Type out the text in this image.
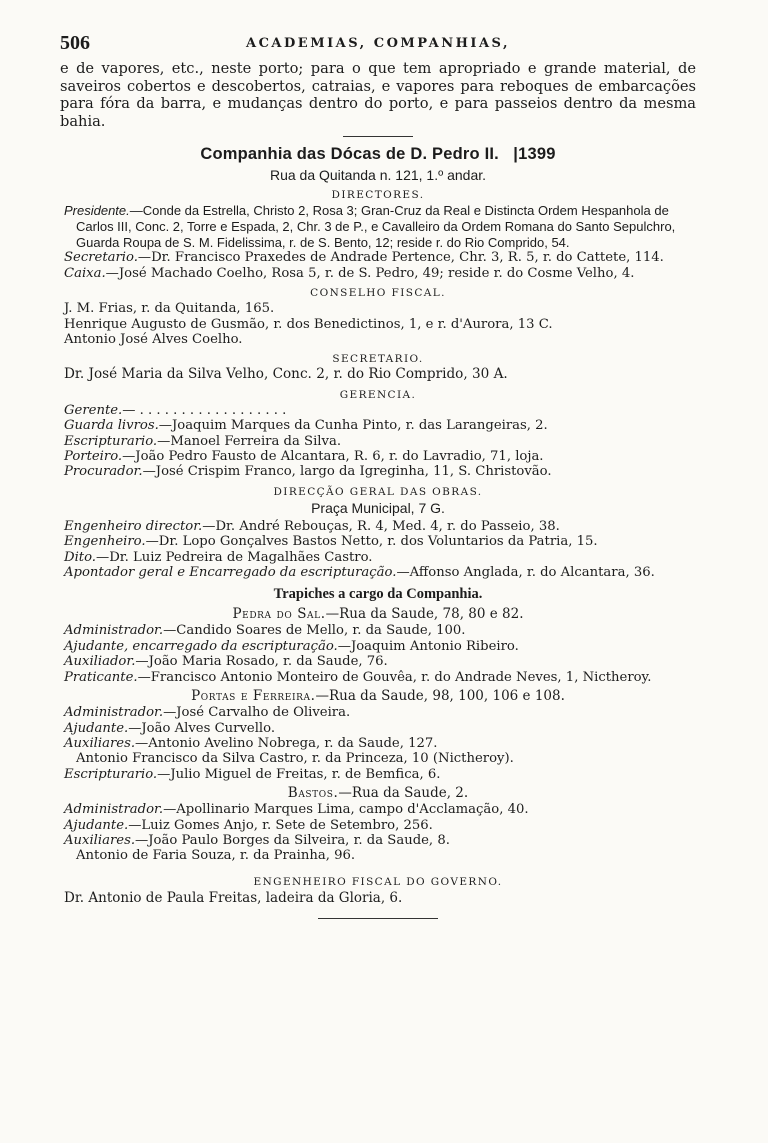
506	ACADEMIAS, COMPANHIAS,

e de vapores, etc., neste porto; para o que tem apropriado e grande material, de saveiros cobertos e descobertos, catraias, e vapores para reboques de embarcações para fóra da barra, e mudanças dentro do porto, e para passeios dentro da mesma bahia.

Companhia das Dócas de D. Pedro II.   |1399
Rua da Quitanda n. 121, 1.º andar.
DIRECTORES.

Presidente.—Conde da Estrella, Christo 2, Rosa 3; Gran-Cruz da Real e Distincta Ordem Hespanhola de Carlos III, Conc. 2, Torre e Espada, 2, Chr. 3 de P., e Cavalleiro da Ordem Romana do Santo Sepulchro, Guarda Roupa de S. M. Fidelissima, r. de S. Bento, 12; reside r. do Rio Comprido, 54.

Secretario.—Dr. Francisco Praxedes de Andrade Pertence, Chr. 3, R. 5, r. do Cattete, 114.

Caixa.—José Machado Coelho, Rosa 5, r. de S. Pedro, 49; reside r. do Cosme Velho, 4.

CONSELHO FISCAL.

J. M. Frias, r. da Quitanda, 165.

Henrique Augusto de Gusmão, r. dos Benedictinos, 1, e r. d'Aurora, 13 C.

Antonio José Alves Coelho.

SECRETARIO.

Dr. José Maria da Silva Velho, Conc. 2, r. do Rio Comprido, 30 A.

GERENCIA.

Gerente.— . . . . . . . . . . . . . . . . . .

Guarda livros.—Joaquim Marques da Cunha Pinto, r. das Larangeiras, 2.

Escripturario.—Manoel Ferreira da Silva.

Porteiro.—João Pedro Fausto de Alcantara, R. 6, r. do Lavradio, 71, loja.

Procurador.—José Crispim Franco, largo da Igreginha, 11, S. Christovão.

DIRECÇÃO GERAL DAS OBRAS.
Praça Municipal, 7 G.

Engenheiro director.—Dr. André Rebouças, R. 4, Med. 4, r. do Passeio, 38.

Engenheiro.—Dr. Lopo Gonçalves Bastos Netto, r. dos Voluntarios da Patria, 15.

Dito.—Dr. Luiz Pedreira de Magalhães Castro.

Apontador geral e Encarregado da escripturação.—Affonso Anglada, r. do Alcantara, 36.

Trapiches a cargo da Companhia.
Pedra do Sal.—Rua da Saude, 78, 80 e 82.

Administrador.—Candido Soares de Mello, r. da Saude, 100.

Ajudante, encarregado da escripturação.—Joaquim Antonio Ribeiro.

Auxiliador.—João Maria Rosado, r. da Saude, 76.

Praticante.—Francisco Antonio Monteiro de Gouvêa, r. do Andrade Neves, 1, Nictheroy.

Portas e Ferreira.—Rua da Saude, 98, 100, 106 e 108.

Administrador.—José Carvalho de Oliveira.

Ajudante.—João Alves Curvello.

Auxiliares.—Antonio Avelino Nobrega, r. da Saude, 127.

Antonio Francisco da Silva Castro, r. da Princeza, 10 (Nictheroy).

Escripturario.—Julio Miguel de Freitas, r. de Bemfica, 6.

Bastos.—Rua da Saude, 2.

Administrador.—Apollinario Marques Lima, campo d'Acclamação, 40.

Ajudante.—Luiz Gomes Anjo, r. Sete de Setembro, 256.

Auxiliares.—João Paulo Borges da Silveira, r. da Saude, 8.

Antonio de Faria Souza, r. da Prainha, 96.

ENGENHEIRO FISCAL DO GOVERNO.

Dr. Antonio de Paula Freitas, ladeira da Gloria, 6.
